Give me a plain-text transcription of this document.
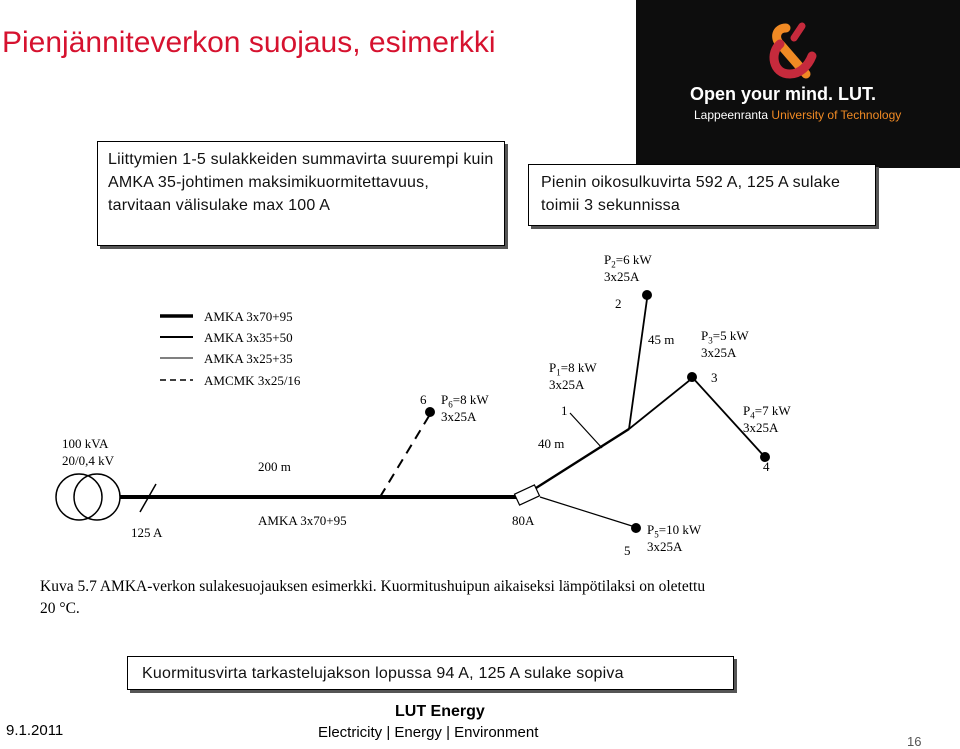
Pienjänniteverkon suojaus, esimerkki
Open your mind. LUT.
Lappeenranta University of Technology
Liittymien 1-5 sulakkeiden summavirta suurempi kuin AMKA 35-johtimen maksimikuormitettavuus, tarvitaan välisulake max 100 A
Pienin oikosulkuvirta 592 A, 125 A sulake toimii 3 sekunnissa
AMKA 3x70+95
AMKA 3x35+50
AMKA 3x25+35
AMCMK 3x25/16
100 kVA
20/0,4 kV	200 m
125 A
AMKA 3x70+95	80A
40 m
45 m
6 $P_6=8$ kW
3x25A
$P_1=8$ kW
3x25A
1
$P_2=6$ kW
3x25A
2
$P_3=5$ kW
3x25A
3
$P_4=7$ kW
3x25A
4
$P_5=10$ kW
3x25A
5
Kuva 5.7 AMKA-verkon sulakesuojauksen esimerkki. Kuormitushuipun aikaiseksi lämpötilaksi on oletettu
20 °C.
Kuormitusvirta tarkastelujakson lopussa 94 A, 125 A sulake sopiva
9.1.2011
LUT Energy
Electricity | Energy | Environment
16
